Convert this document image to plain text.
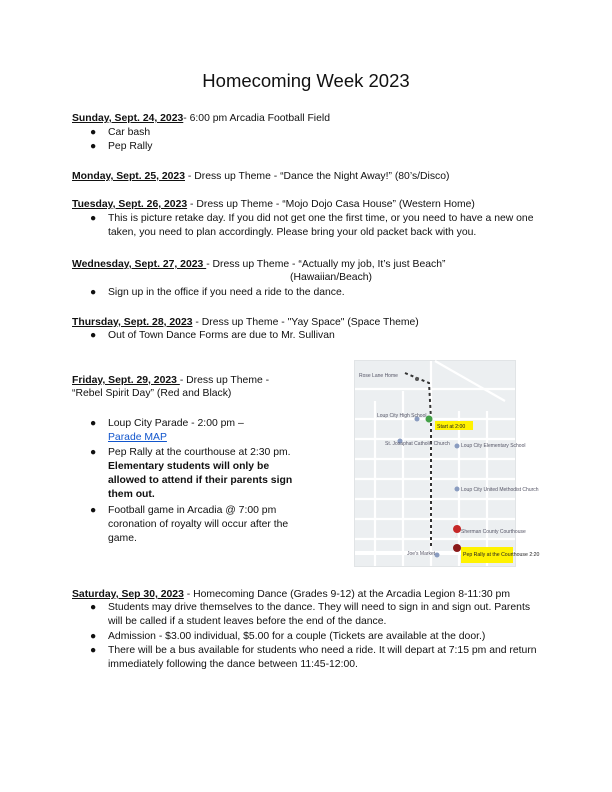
Homecoming Week 2023
Sunday, Sept. 24, 2023- 6:00 pm Arcadia Football Field
● Car bash
● Pep Rally
Monday, Sept. 25, 2023 - Dress up Theme - “Dance the Night Away!” (80’s/Disco)
Tuesday, Sept. 26, 2023 - Dress up Theme - “Mojo Dojo Casa House” (Western Home)
● This is picture retake day. If you did not get one the first time, or you need to have a new one taken, you need to plan accordingly. Please bring your old packet back with you.
Wednesday, Sept. 27, 2023 - Dress up Theme - “Actually my job, It’s just Beach”
(Hawaiian/Beach)
● Sign up in the office if you need a ride to the dance.
Thursday, Sept. 28, 2023 - Dress up Theme - "Yay Space" (Space Theme)
● Out of Town Dance Forms are due to Mr. Sullivan
Friday, Sept. 29, 2023 - Dress up Theme -
“Rebel Spirit Day” (Red and Black)
● Loup City Parade - 2:00 pm –
Parade MAP
● Pep Rally at the courthouse at 2:30 pm. Elementary students will only be allowed to attend if their parents sign them out.
● Football game in Arcadia @ 7:00 pm coronation of royalty will occur after the game.
Rose Lane Home
Loup City High School
St. Josaphat Catholic Church Loup City Elementary School
Loup City United Methodist Church
Sherman County Courthouse
Joe's Market
Start at 2:00
Pep Rally at the Courthouse 2:20
Saturday, Sep 30, 2023 - Homecoming Dance (Grades 9-12) at the Arcadia Legion 8-11:30 pm
● Students may drive themselves to the dance. They will need to sign in and sign out. Parents will be called if a student leaves before the end of the dance.
● Admission - $3.00 individual, $5.00 for a couple (Tickets are available at the door.)
● There will be a bus available for students who need a ride. It will depart at 7:15 pm and return immediately following the dance between 11:45-12:00.
